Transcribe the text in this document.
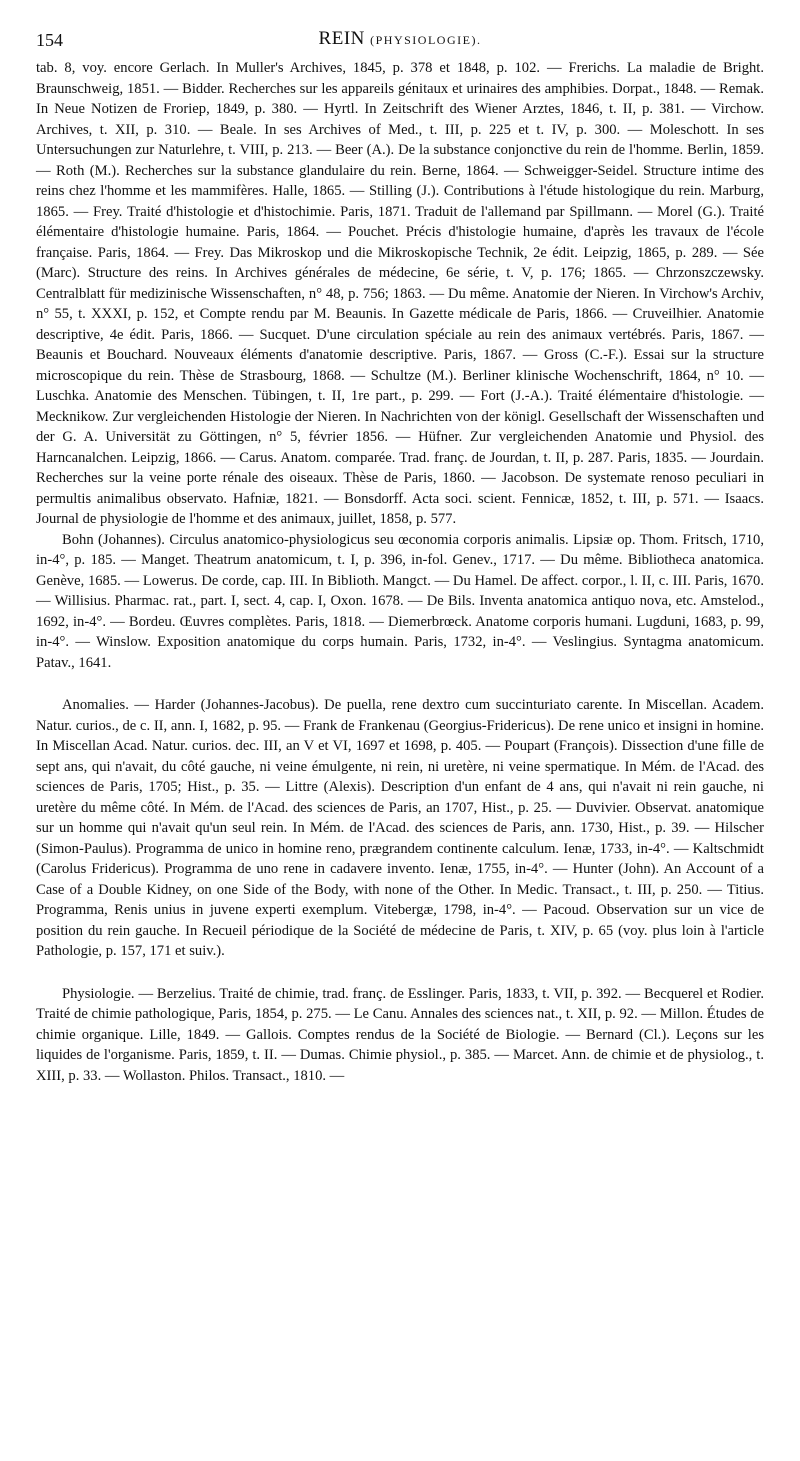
154	REIN (PHYSIOLOGIE).

tab. 8, voy. encore Gerlach. In Muller's Archives, 1845, p. 378 et 1848, p. 102. — Frerichs. La maladie de Bright. Braunschweig, 1851. — Bidder. Recherches sur les appareils génitaux et urinaires des amphibies. Dorpat., 1848. — Remak. In Neue Notizen de Froriep, 1849, p. 380. — Hyrtl. In Zeitschrift des Wiener Arztes, 1846, t. II, p. 381. — Virchow. Archives, t. XII, p. 310. — Beale. In ses Archives of Med., t. III, p. 225 et t. IV, p. 300. — Moleschott. In ses Untersuchungen zur Naturlehre, t. VIII, p. 213. — Beer (A.). De la substance conjonctive du rein de l'homme. Berlin, 1859. — Roth (M.). Recherches sur la substance glandulaire du rein. Berne, 1864. — Schweigger-Seidel. Structure intime des reins chez l'homme et les mammifères. Halle, 1865. — Stilling (J.). Contributions à l'étude histologique du rein. Marburg, 1865. — Frey. Traité d'histologie et d'histochimie. Paris, 1871. Traduit de l'allemand par Spillmann. — Morel (G.). Traité élémentaire d'histologie humaine. Paris, 1864. — Pouchet. Précis d'histologie humaine, d'après les travaux de l'école française. Paris, 1864. — Frey. Das Mikroskop und die Mikroskopische Technik, 2e édit. Leipzig, 1865, p. 289. — Sée (Marc). Structure des reins. In Archives générales de médecine, 6e série, t. V, p. 176; 1865. — Chrzonszczewsky. Centralblatt für medizinische Wissenschaften, n° 48, p. 756; 1863. — Du même. Anatomie der Nieren. In Virchow's Archiv, n° 55, t. XXXI, p. 152, et Compte rendu par M. Beaunis. In Gazette médicale de Paris, 1866. — Cruveilhier. Anatomie descriptive, 4e édit. Paris, 1866. — Sucquet. D'une circulation spéciale au rein des animaux vertébrés. Paris, 1867. — Beaunis et Bouchard. Nouveaux éléments d'anatomie descriptive. Paris, 1867. — Gross (C.-F.). Essai sur la structure microscopique du rein. Thèse de Strasbourg, 1868. — Schultze (M.). Berliner klinische Wochenschrift, 1864, n° 10. — Luschka. Anatomie des Menschen. Tübingen, t. II, 1re part., p. 299. — Fort (J.-A.). Traité élémentaire d'histologie. — Mecknikow. Zur vergleichenden Histologie der Nieren. In Nachrichten von der königl. Gesellschaft der Wissenschaften und der G. A. Universität zu Göttingen, n° 5, février 1856. — Hüfner. Zur vergleichenden Anatomie und Physiol. des Harncanalchen. Leipzig, 1866. — Carus. Anatom. comparée. Trad. franç. de Jourdan, t. II, p. 287. Paris, 1835. — Jourdain. Recherches sur la veine porte rénale des oiseaux. Thèse de Paris, 1860. — Jacobson. De systemate renoso peculiari in permultis animalibus observato. Hafniæ, 1821. — Bonsdorff. Acta soci. scient. Fennicæ, 1852, t. III, p. 571. — Isaacs. Journal de physiologie de l'homme et des animaux, juillet, 1858, p. 577.

Bohn (Johannes). Circulus anatomico-physiologicus seu œconomia corporis animalis. Lipsiæ op. Thom. Fritsch, 1710, in-4°, p. 185. — Manget. Theatrum anatomicum, t. I, p. 396, in-fol. Genev., 1717. — Du même. Bibliotheca anatomica. Genève, 1685. — Lowerus. De corde, cap. III. In Biblioth. Mangct. — Du Hamel. De affect. corpor., l. II, c. III. Paris, 1670. — Willisius. Pharmac. rat., part. I, sect. 4, cap. I, Oxon. 1678. — De Bils. Inventa anatomica antiquo nova, etc. Amstelod., 1692, in-4°. — Bordeu. Œuvres complètes. Paris, 1818. — Diemerbrœck. Anatome corporis humani. Lugduni, 1683, p. 99, in-4°. — Winslow. Exposition anatomique du corps humain. Paris, 1732, in-4°. — Veslingius. Syntagma anatomicum. Patav., 1641.

Anomalies. — Harder (Johannes-Jacobus). De puella, rene dextro cum succinturiato carente. In Miscellan. Academ. Natur. curios., de c. II, ann. I, 1682, p. 95. — Frank de Frankenau (Georgius-Fridericus). De rene unico et insigni in homine. In Miscellan Acad. Natur. curios. dec. III, an V et VI, 1697 et 1698, p. 405. — Poupart (François). Dissection d'une fille de sept ans, qui n'avait, du côté gauche, ni veine émulgente, ni rein, ni uretère, ni veine spermatique. In Mém. de l'Acad. des sciences de Paris, 1705; Hist., p. 35. — Littre (Alexis). Description d'un enfant de 4 ans, qui n'avait ni rein gauche, ni uretère du même côté. In Mém. de l'Acad. des sciences de Paris, an 1707, Hist., p. 25. — Duvivier. Observat. anatomique sur un homme qui n'avait qu'un seul rein. In Mém. de l'Acad. des sciences de Paris, ann. 1730, Hist., p. 39. — Hilscher (Simon-Paulus). Programma de unico in homine reno, prægrandem continente calculum. Ienæ, 1733, in-4°. — Kaltschmidt (Carolus Fridericus). Programma de uno rene in cadavere invento. Ienæ, 1755, in-4°. — Hunter (John). An Account of a Case of a Double Kidney, on one Side of the Body, with none of the Other. In Medic. Transact., t. III, p. 250. — Titius. Programma, Renis unius in juvene experti exemplum. Vitebergæ, 1798, in-4°. — Pacoud. Observation sur un vice de position du rein gauche. In Recueil périodique de la Société de médecine de Paris, t. XIV, p. 65 (voy. plus loin à l'article Pathologie, p. 157, 171 et suiv.).

Physiologie. — Berzelius. Traité de chimie, trad. franç. de Esslinger. Paris, 1833, t. VII, p. 392. — Becquerel et Rodier. Traité de chimie pathologique, Paris, 1854, p. 275. — Le Canu. Annales des sciences nat., t. XII, p. 92. — Millon. Études de chimie organique. Lille, 1849. — Gallois. Comptes rendus de la Société de Biologie. — Bernard (Cl.). Leçons sur les liquides de l'organisme. Paris, 1859, t. II. — Dumas. Chimie physiol., p. 385. — Marcet. Ann. de chimie et de physiolog., t. XIII, p. 33. — Wollaston. Philos. Transact., 1810. —
